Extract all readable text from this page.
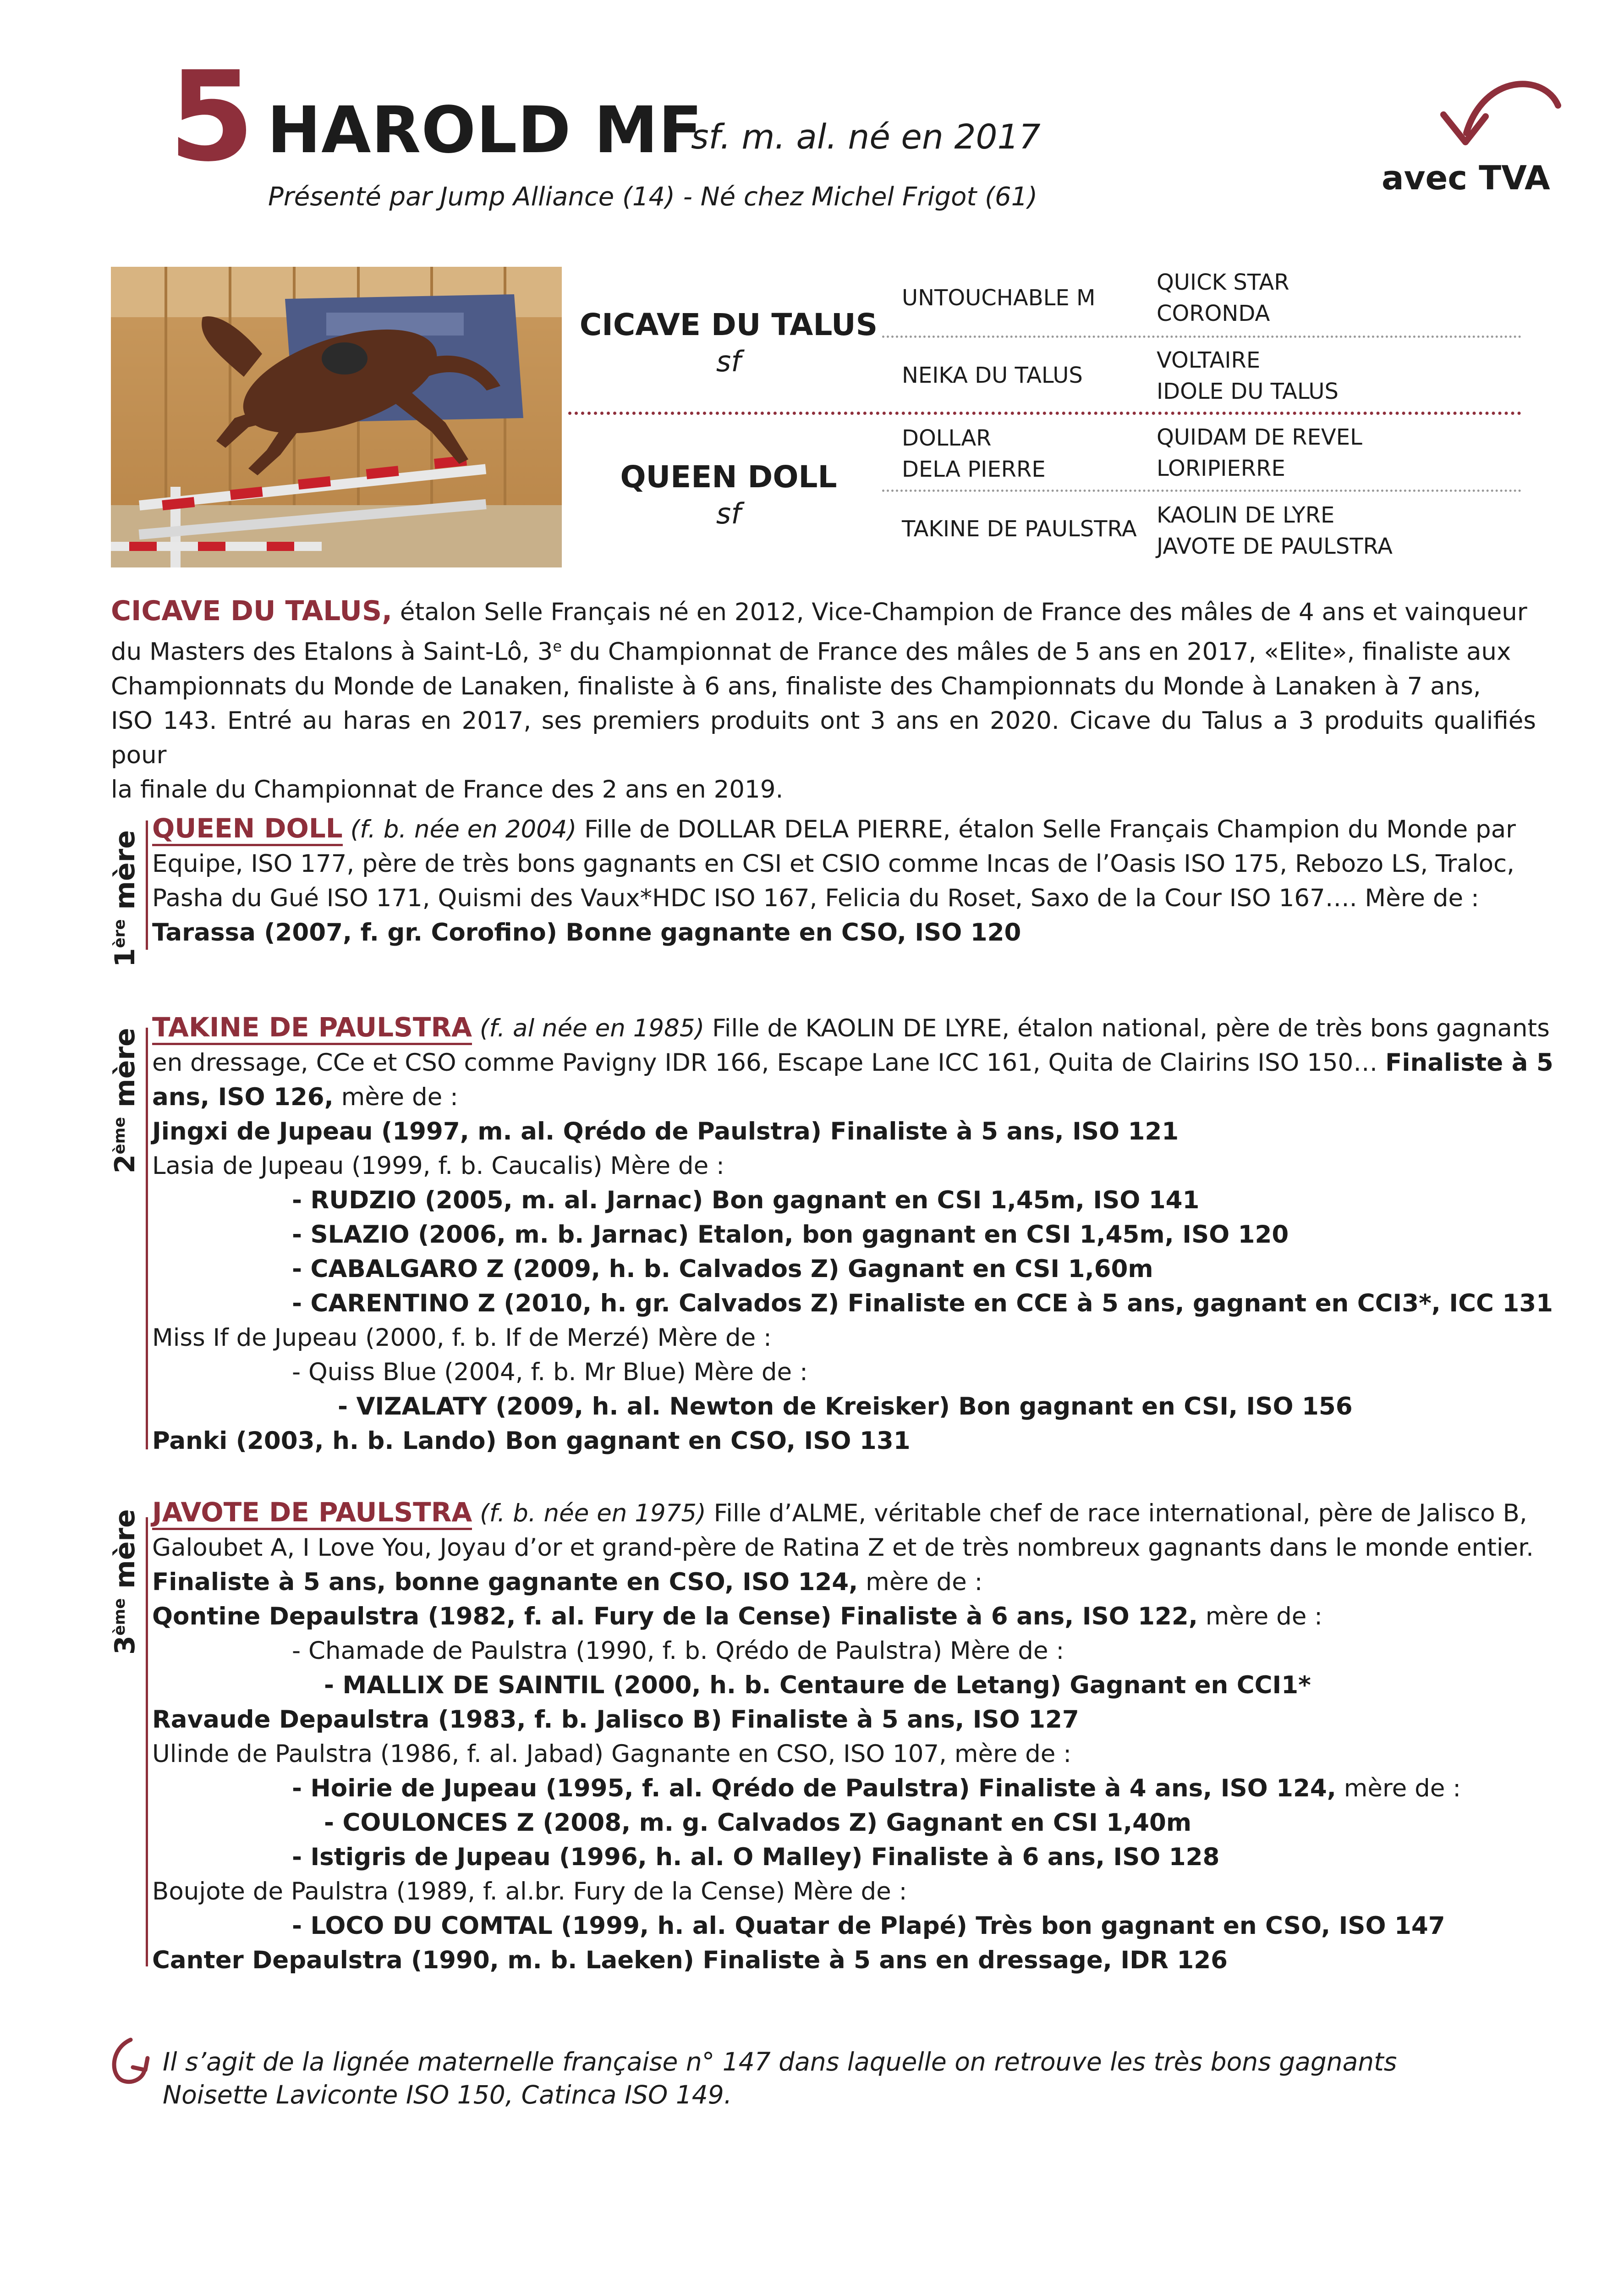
5 HAROLD MF
sf. m. al. né en 2017
Présenté par Jump Alliance (14) - Né chez Michel Frigot (61)	avec TVA
CICAVE DU TALUS
sf
QUEEN DOLL
sf
UNTOUCHABLE M
NEIKA DU TALUS
DOLLAR
DELA PIERRE
TAKINE DE PAULSTRA
QUICK STAR
CORONDA
VOLTAIRE
IDOLE DU TALUS
QUIDAM DE REVEL
LORIPIERRE
KAOLIN DE LYRE
JAVOTE DE PAULSTRA
CICAVE DU TALUS, étalon Selle Français né en 2012, Vice-Champion de France des mâles de 4 ans et vainqueur
du Masters des Etalons à Saint-Lô, 3e du Championnat de France des mâles de 5 ans en 2017, «Elite», finaliste aux
Championnats du Monde de Lanaken, finaliste à 6 ans, finaliste des Championnats du Monde à Lanaken à 7 ans,
ISO 143. Entré au haras en 2017, ses premiers produits ont 3 ans en 2020. Cicave du Talus a 3 produits qualifiés pour
la finale du Championnat de France des 2 ans en 2019.
1ère mère
QUEEN DOLL (f. b. née en 2004) Fille de DOLLAR DELA PIERRE, étalon Selle Français Champion du Monde par
Equipe, ISO 177, père de très bons gagnants en CSI et CSIO comme Incas de l’Oasis ISO 175, Rebozo LS, Traloc,
Pasha du Gué ISO 171, Quismi des Vaux*HDC ISO 167, Felicia du Roset, Saxo de la Cour ISO 167…. Mère de :
Tarassa (2007, f. gr. Corofino) Bonne gagnante en CSO, ISO 120
2ème mère
TAKINE DE PAULSTRA (f. al née en 1985) Fille de KAOLIN DE LYRE, étalon national, père de très bons gagnants
en dressage, CCe et CSO comme Pavigny IDR 166, Escape Lane ICC 161, Quita de Clairins ISO 150… Finaliste à 5
ans, ISO 126, mère de :
Jingxi de Jupeau (1997, m. al. Qrédo de Paulstra) Finaliste à 5 ans, ISO 121
Lasia de Jupeau (1999, f. b. Caucalis) Mère de :
- RUDZIO (2005, m. al. Jarnac) Bon gagnant en CSI 1,45m, ISO 141
- SLAZIO (2006, m. b. Jarnac) Etalon, bon gagnant en CSI 1,45m, ISO 120
- CABALGARO Z (2009, h. b. Calvados Z) Gagnant en CSI 1,60m
- CARENTINO Z (2010, h. gr. Calvados Z) Finaliste en CCE à 5 ans, gagnant en CCI3*, ICC 131
Miss If de Jupeau (2000, f. b. If de Merzé) Mère de :
- Quiss Blue (2004, f. b. Mr Blue) Mère de :
- VIZALATY (2009, h. al. Newton de Kreisker) Bon gagnant en CSI, ISO 156
Panki (2003, h. b. Lando) Bon gagnant en CSO, ISO 131
3ème mère JAVOTE DE PAULSTRA (f. b. née en 1975) Fille d’ALME, véritable chef de race international, père de Jalisco B,
Galoubet A, I Love You, Joyau d’or et grand-père de Ratina Z et de très nombreux gagnants dans le monde entier.
Finaliste à 5 ans, bonne gagnante en CSO, ISO 124, mère de :
Qontine Depaulstra (1982, f. al. Fury de la Cense) Finaliste à 6 ans, ISO 122, mère de :
- Chamade de Paulstra (1990, f. b. Qrédo de Paulstra) Mère de :
- MALLIX DE SAINTIL (2000, h. b. Centaure de Letang) Gagnant en CCI1*
Ravaude Depaulstra (1983, f. b. Jalisco B) Finaliste à 5 ans, ISO 127
Ulinde de Paulstra (1986, f. al. Jabad) Gagnante en CSO, ISO 107, mère de :
- Hoirie de Jupeau (1995, f. al. Qrédo de Paulstra) Finaliste à 4 ans, ISO 124, mère de :
- COULONCES Z (2008, m. g. Calvados Z) Gagnant en CSI 1,40m
- Istigris de Jupeau (1996, h. al. O Malley) Finaliste à 6 ans, ISO 128
Boujote de Paulstra (1989, f. al.br. Fury de la Cense) Mère de :
- LOCO DU COMTAL (1999, h. al. Quatar de Plapé) Très bon gagnant en CSO, ISO 147
Canter Depaulstra (1990, m. b. Laeken) Finaliste à 5 ans en dressage, IDR 126
Il s’agit de la lignée maternelle française n° 147 dans laquelle on retrouve les très bons gagnants
Noisette Laviconte ISO 150, Catinca ISO 149.
